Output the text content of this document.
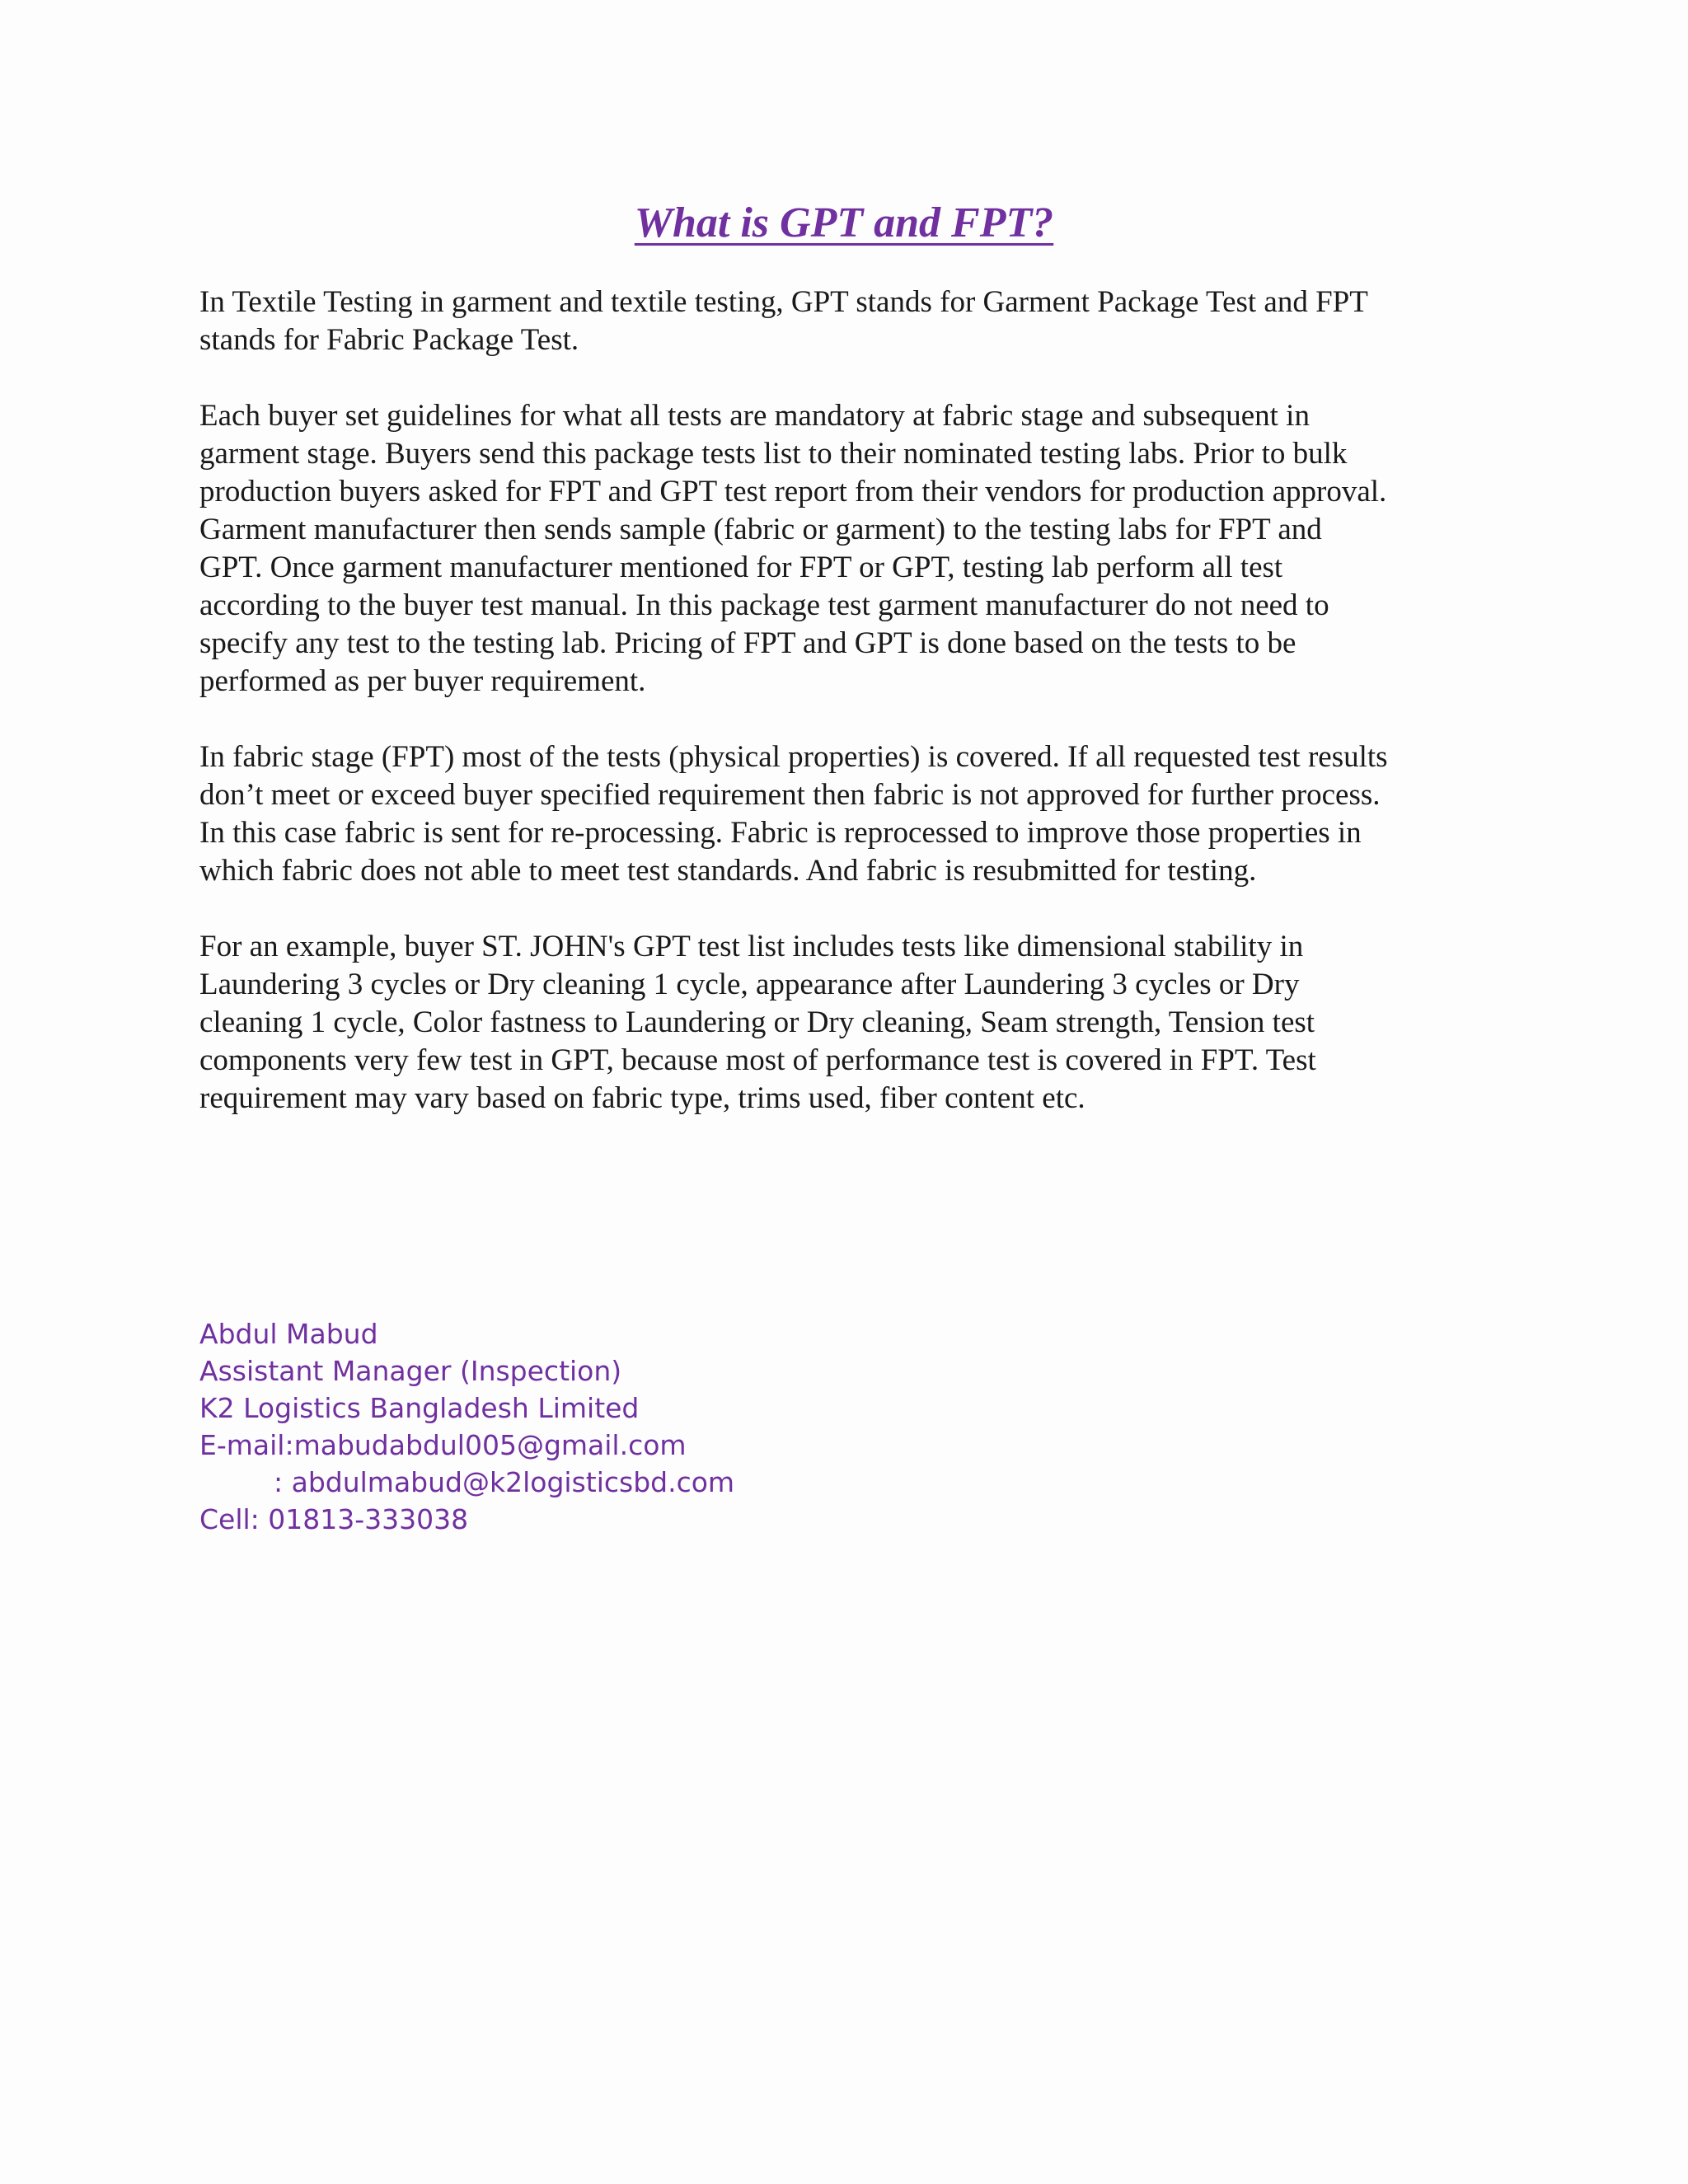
What is GPT and FPT?
In Textile Testing in garment and textile testing, GPT stands for Garment Package Test and FPT
stands for Fabric Package Test.
Each buyer set guidelines for what all tests are mandatory at fabric stage and subsequent in
garment stage. Buyers send this package tests list to their nominated testing labs. Prior to bulk
production buyers asked for FPT and GPT test report from their vendors for production approval.
Garment manufacturer then sends sample (fabric or garment) to the testing labs for FPT and
GPT. Once garment manufacturer mentioned for FPT or GPT, testing lab perform all test
according to the buyer test manual. In this package test garment manufacturer do not need to
specify any test to the testing lab. Pricing of FPT and GPT is done based on the tests to be
performed as per buyer requirement.
In fabric stage (FPT) most of the tests (physical properties) is covered. If all requested test results
don’t meet or exceed buyer specified requirement then fabric is not approved for further process.
In this case fabric is sent for re-processing. Fabric is reprocessed to improve those properties in
which fabric does not able to meet test standards. And fabric is resubmitted for testing.
For an example, buyer ST. JOHN's GPT test list includes tests like dimensional stability in
Laundering 3 cycles or Dry cleaning 1 cycle, appearance after Laundering 3 cycles or Dry
cleaning 1 cycle, Color fastness to Laundering or Dry cleaning, Seam strength, Tension test
components very few test in GPT, because most of performance test is covered in FPT. Test
requirement may vary based on fabric type, trims used, fiber content etc.
Abdul Mabud
Assistant Manager (Inspection)
K2 Logistics Bangladesh Limited
E-mail:mabudabdul005@gmail.com
: abdulmabud@k2logisticsbd.com
Cell: 01813-333038
